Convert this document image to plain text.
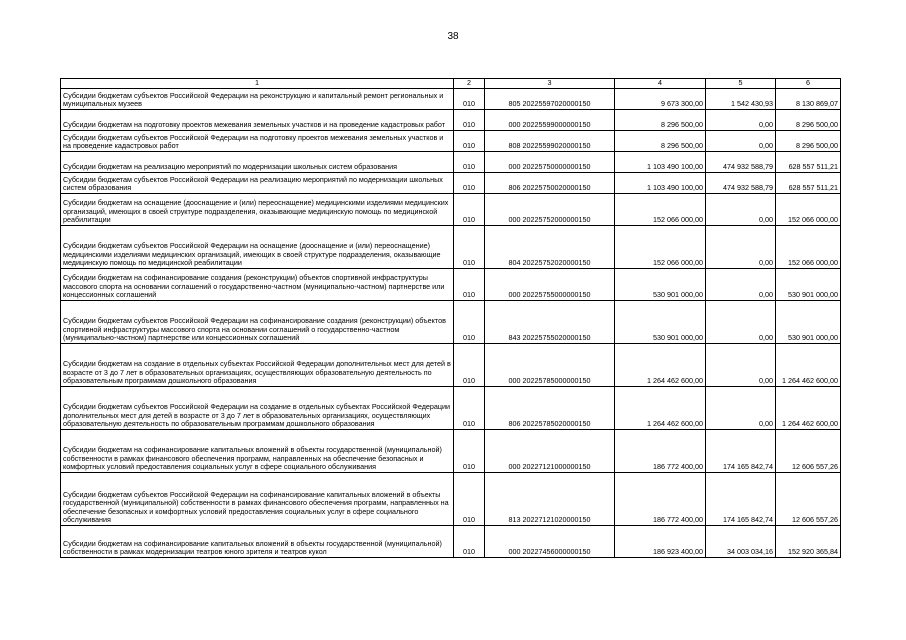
38
1	2	3	4	5	6
Субсидии бюджетам субъектов Российской Федерации на реконструкцию и капитальный ремонт региональных и муниципальных музеев	010	805 20225597020000150	9 673 300,00	1 542 430,93	8 130 869,07
Субсидии бюджетам на подготовку проектов межевания земельных участков и на проведение кадастровых работ	010	000 20225599000000150	8 296 500,00	0,00	8 296 500,00
Субсидии бюджетам субъектов Российской Федерации на подготовку проектов межевания земельных участков и на проведение кадастровых работ	010	808 20225599020000150	8 296 500,00	0,00	8 296 500,00
Субсидии бюджетам на реализацию мероприятий по модернизации школьных систем образования	010	000 20225750000000150	1 103 490 100,00	474 932 588,79	628 557 511,21
Субсидии бюджетам субъектов Российской Федерации на реализацию мероприятий по модернизации школьных систем образования	010	806 20225750020000150	1 103 490 100,00	474 932 588,79	628 557 511,21
Субсидии бюджетам на оснащение (дооснащение и (или) переоснащение) медицинскими изделиями медицинских организаций, имеющих в своей структуре подразделения, оказывающие медицинскую помощь по медицинской реабилитации	010	000 20225752000000150	152 066 000,00	0,00	152 066 000,00
Субсидии бюджетам субъектов Российской Федерации на оснащение (дооснащение и (или) переоснащение) медицинскими изделиями медицинских организаций, имеющих в своей структуре подразделения, оказывающие медицинскую помощь по медицинской реабилитации	010	804 20225752020000150	152 066 000,00	0,00	152 066 000,00
Субсидии бюджетам на софинансирование создания (реконструкции) объектов спортивной инфраструктуры массового спорта на основании соглашений о государственно-частном (муниципально-частном) партнерстве или концессионных соглашений	010	000 20225755000000150	530 901 000,00	0,00	530 901 000,00
Субсидии бюджетам субъектов Российской Федерации на софинансирование создания (реконструкции) объектов спортивной инфраструктуры массового спорта на основании соглашений о государственно-частном (муниципально-частном) партнерстве или концессионных соглашений	010	843 20225755020000150	530 901 000,00	0,00	530 901 000,00
Субсидии бюджетам на создание в отдельных субъектах Российской Федерации дополнительных мест для детей в возрасте от 3 до 7 лет в образовательных организациях, осуществляющих образовательную деятельность по образовательным программам дошкольного образования	010	000 20225785000000150	1 264 462 600,00	0,00	1 264 462 600,00
Субсидии бюджетам субъектов Российской Федерации на создание в отдельных субъектах Российской Федерации дополнительных мест для детей в возрасте от 3 до 7 лет в образовательных организациях, осуществляющих образовательную деятельность по образовательным программам дошкольного образования	010	806 20225785020000150	1 264 462 600,00	0,00	1 264 462 600,00
Субсидии бюджетам на софинансирование капитальных вложений в объекты государственной (муниципальной) собственности в рамках финансового обеспечения программ, направленных на обеспечение безопасных и комфортных условий предоставления социальных услуг в сфере социального обслуживания	010	000 20227121000000150	186 772 400,00	174 165 842,74	12 606 557,26
Субсидии бюджетам субъектов Российской Федерации на софинансирование капитальных вложений в объекты государственной (муниципальной) собственности в рамках финансового обеспечения программ, направленных на обеспечение безопасных и комфортных условий предоставления социальных услуг в сфере социального обслуживания	010	813 20227121020000150	186 772 400,00	174 165 842,74	12 606 557,26
Субсидии бюджетам на софинансирование капитальных вложений в объекты государственной (муниципальной) собственности в рамках модернизации театров юного зрителя и театров кукол	010	000 20227456000000150	186 923 400,00	34 003 034,16	152 920 365,84
